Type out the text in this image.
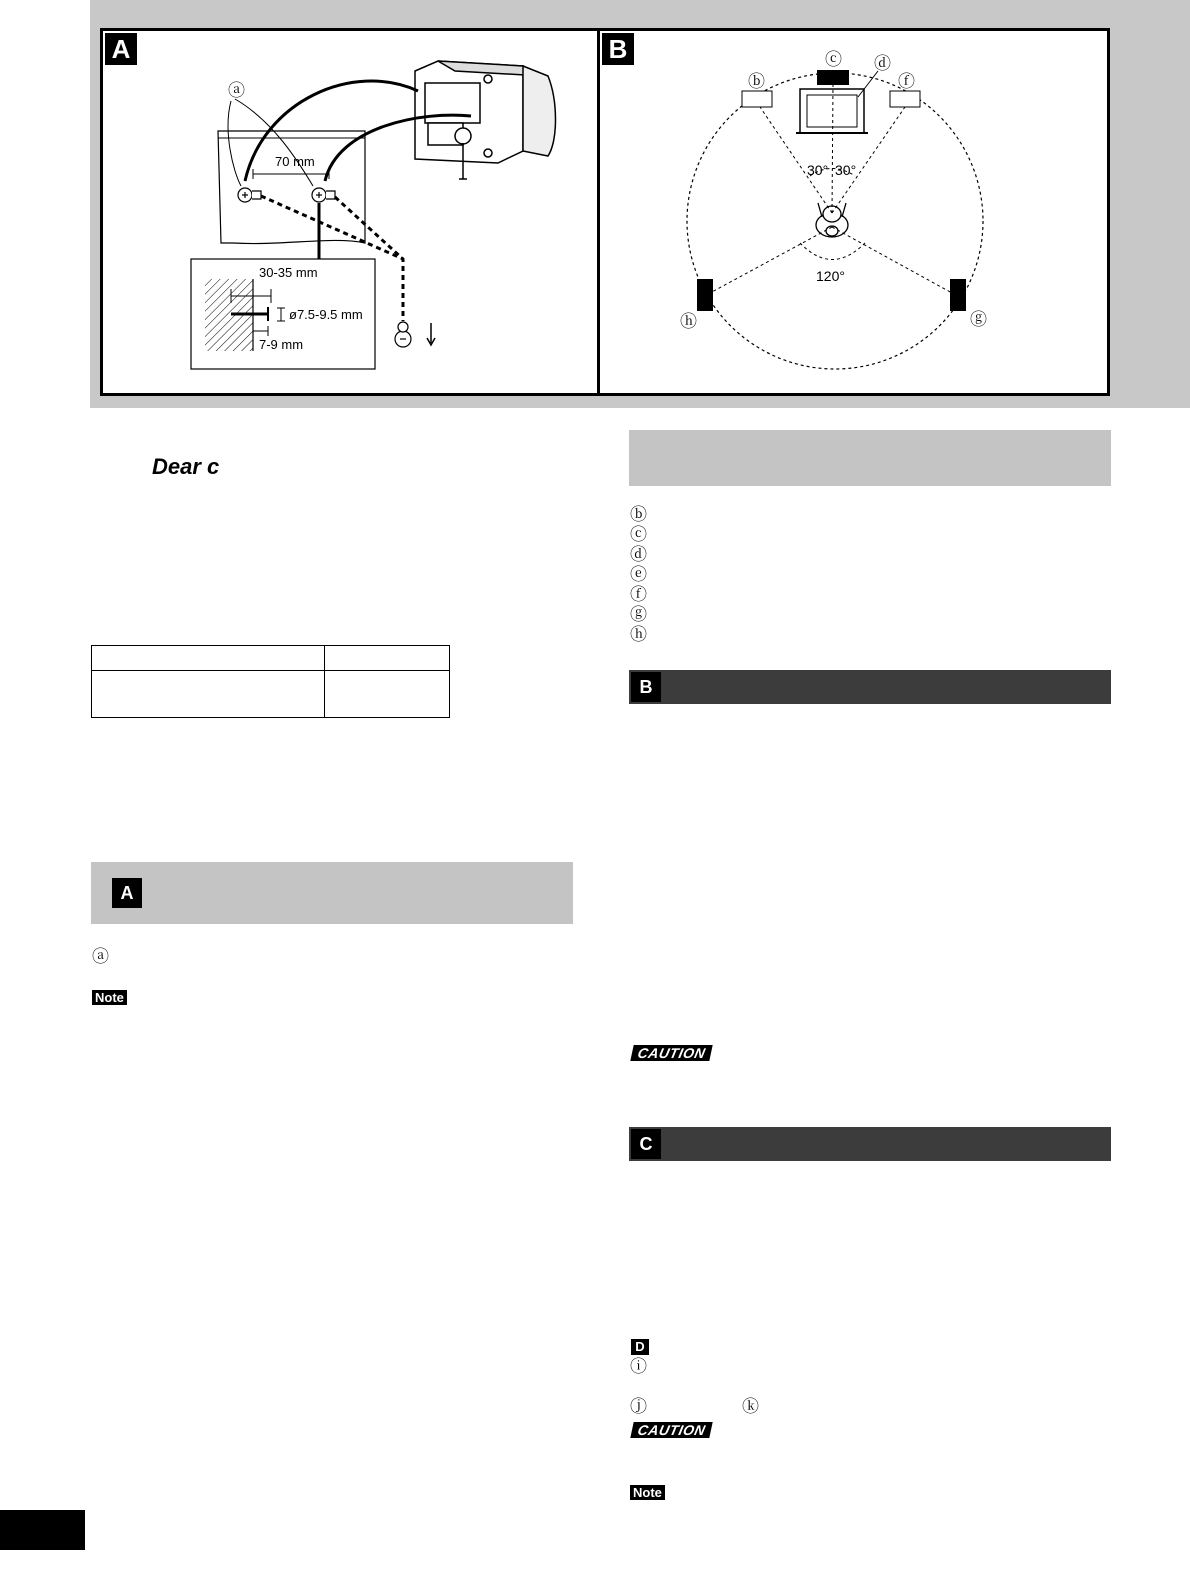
A
ⓐ
70 mm
30-35 mm
ø7.5-9.5 mm
7-9 mm
B	ⓒ ⓓ
ⓑ	ⓕ
ⓗ	ⓖ
30° 30°
120°
Dear c

A
ⓐ
Note
ⓑ
ⓒ
ⓓ
ⓔ
ⓕ
ⓖ
ⓗ
B
CAUTION
C
D
ⓘ
ⓙ	ⓚ
CAUTION
Note
